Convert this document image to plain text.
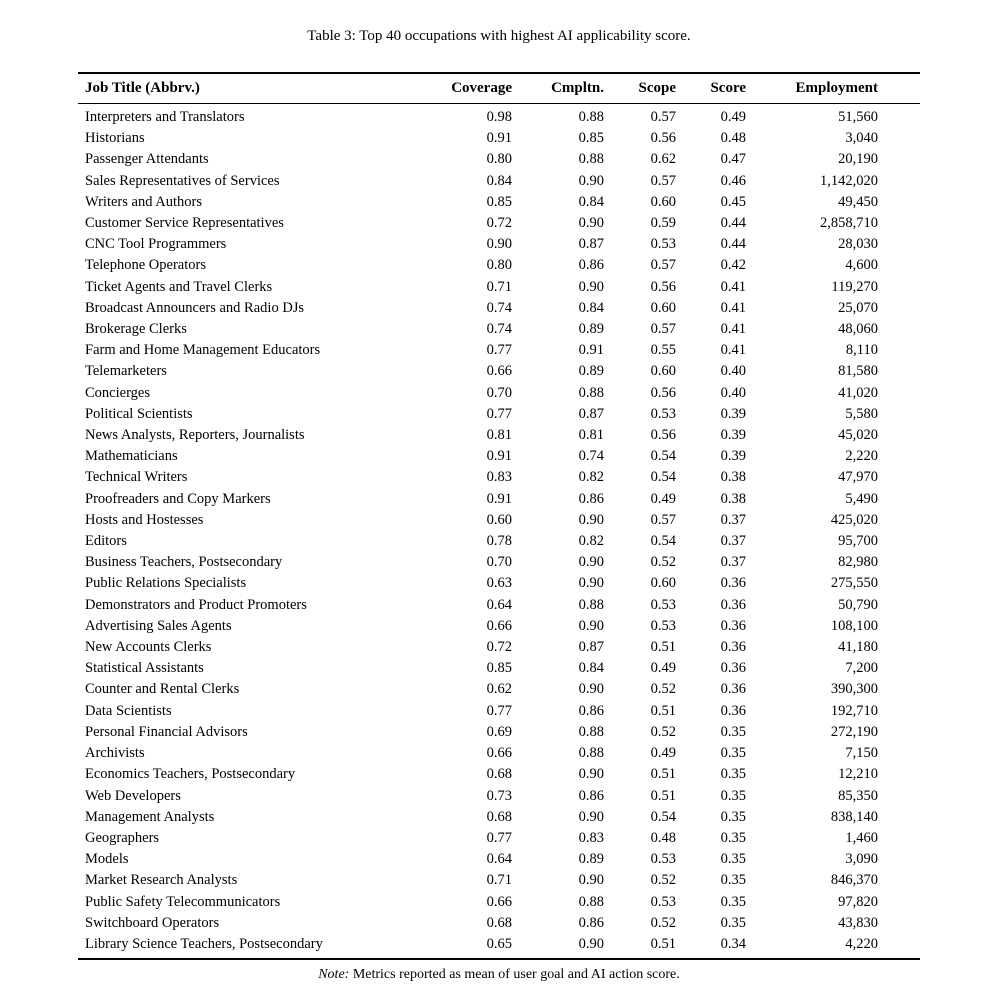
Table 3: Top 40 occupations with highest AI applicability score.
Job Title (Abbrv.)	Coverage	Cmpltn.	Scope	Score	Employment
Interpreters and Translators	0.98	0.88	0.57	0.49	51,560
Historians	0.91	0.85	0.56	0.48	3,040
Passenger Attendants	0.80	0.88	0.62	0.47	20,190
Sales Representatives of Services	0.84	0.90	0.57	0.46	1,142,020
Writers and Authors	0.85	0.84	0.60	0.45	49,450
Customer Service Representatives	0.72	0.90	0.59	0.44	2,858,710
CNC Tool Programmers	0.90	0.87	0.53	0.44	28,030
Telephone Operators	0.80	0.86	0.57	0.42	4,600
Ticket Agents and Travel Clerks	0.71	0.90	0.56	0.41	119,270
Broadcast Announcers and Radio DJs	0.74	0.84	0.60	0.41	25,070
Brokerage Clerks	0.74	0.89	0.57	0.41	48,060
Farm and Home Management Educators	0.77	0.91	0.55	0.41	8,110
Telemarketers	0.66	0.89	0.60	0.40	81,580
Concierges	0.70	0.88	0.56	0.40	41,020
Political Scientists	0.77	0.87	0.53	0.39	5,580
News Analysts, Reporters, Journalists	0.81	0.81	0.56	0.39	45,020
Mathematicians	0.91	0.74	0.54	0.39	2,220
Technical Writers	0.83	0.82	0.54	0.38	47,970
Proofreaders and Copy Markers	0.91	0.86	0.49	0.38	5,490
Hosts and Hostesses	0.60	0.90	0.57	0.37	425,020
Editors	0.78	0.82	0.54	0.37	95,700
Business Teachers, Postsecondary	0.70	0.90	0.52	0.37	82,980
Public Relations Specialists	0.63	0.90	0.60	0.36	275,550
Demonstrators and Product Promoters	0.64	0.88	0.53	0.36	50,790
Advertising Sales Agents	0.66	0.90	0.53	0.36	108,100
New Accounts Clerks	0.72	0.87	0.51	0.36	41,180
Statistical Assistants	0.85	0.84	0.49	0.36	7,200
Counter and Rental Clerks	0.62	0.90	0.52	0.36	390,300
Data Scientists	0.77	0.86	0.51	0.36	192,710
Personal Financial Advisors	0.69	0.88	0.52	0.35	272,190
Archivists	0.66	0.88	0.49	0.35	7,150
Economics Teachers, Postsecondary	0.68	0.90	0.51	0.35	12,210
Web Developers	0.73	0.86	0.51	0.35	85,350
Management Analysts	0.68	0.90	0.54	0.35	838,140
Geographers	0.77	0.83	0.48	0.35	1,460
Models	0.64	0.89	0.53	0.35	3,090
Market Research Analysts	0.71	0.90	0.52	0.35	846,370
Public Safety Telecommunicators	0.66	0.88	0.53	0.35	97,820
Switchboard Operators	0.68	0.86	0.52	0.35	43,830
Library Science Teachers, Postsecondary	0.65	0.90	0.51	0.34	4,220
Note: Metrics reported as mean of user goal and AI action score.
